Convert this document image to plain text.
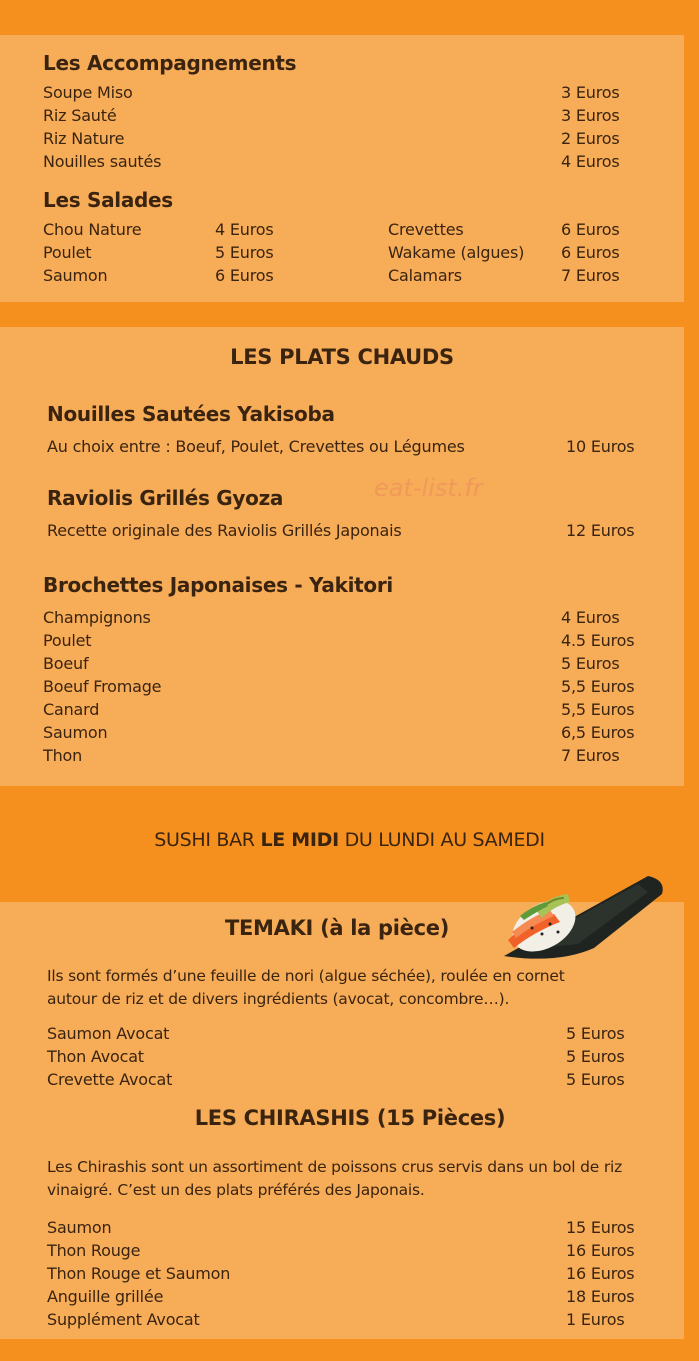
Les Accompagnements
Soupe Miso	3 Euros
Riz Sauté	3 Euros
Riz Nature	2 Euros
Nouilles sautés	4 Euros
Les Salades
Chou Nature	4 Euros	Crevettes	6 Euros
Poulet	5 Euros	Wakame (algues) 6 Euros
Saumon	6 Euros	Calamars	7 Euros
LES PLATS CHAUDS
Nouilles Sautées Yakisoba
Au choix entre : Boeuf, Poulet, Crevettes ou Légumes	10 Euros
Raviolis Grillés Gyoza	eat-list.fr
Recette originale des Raviolis Grillés Japonais	12 Euros
Brochettes Japonaises - Yakitori
Champignons	4 Euros
Poulet	4.5 Euros
Boeuf	5 Euros
Boeuf Fromage	5,5 Euros
Canard	5,5 Euros
Saumon	6,5 Euros
Thon	7 Euros
SUSHI BAR LE MIDI DU LUNDI AU SAMEDI
TEMAKI (à la pièce)
Ils sont formés d’une feuille de nori (algue séchée), roulée en cornet
autour de riz et de divers ingrédients (avocat, concombre…).
Saumon Avocat	5 Euros
Thon Avocat	5 Euros
Crevette Avocat	5 Euros
LES CHIRASHIS (15 Pièces)
Les Chirashis sont un assortiment de poissons crus servis dans un bol de riz
vinaigré. C’est un des plats préférés des Japonais.
Saumon	15 Euros
Thon Rouge	16 Euros
Thon Rouge et Saumon	16 Euros
Anguille grillée	18 Euros
Supplément Avocat	1 Euros
